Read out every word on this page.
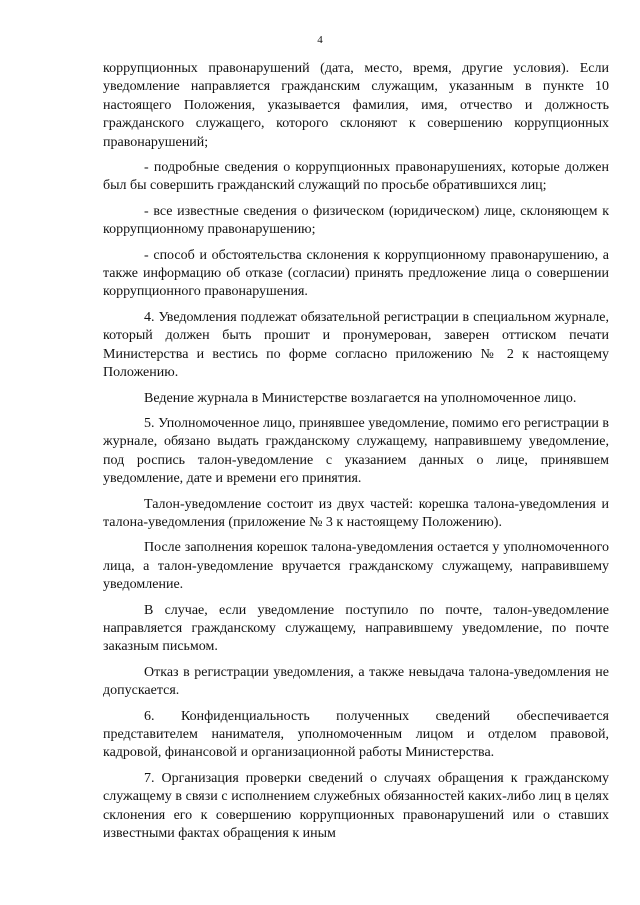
4

коррупционных правонарушений (дата, место, время, другие условия). Если уведомление направляется гражданским служащим, указанным в пункте 10 настоящего Положения, указывается фамилия, имя, отчество и должность гражданского служащего, которого склоняют к совершению коррупционных правонарушений;

- подробные сведения о коррупционных правонарушениях, которые должен был бы совершить гражданский служащий по просьбе обратившихся лиц;

- все известные сведения о физическом (юридическом) лице, склоняющем к коррупционному правонарушению;

- способ и обстоятельства склонения к коррупционному правонарушению, а также информацию об отказе (согласии) принять предложение лица о совершении коррупционного правонарушения.

4. Уведомления подлежат обязательной регистрации в специальном журнале, который должен быть прошит и пронумерован, заверен оттиском печати Министерства и вестись по форме согласно приложению № 2 к настоящему Положению.

Ведение журнала в Министерстве возлагается на уполномоченное лицо.

5. Уполномоченное лицо, принявшее уведомление, помимо его регистрации в журнале, обязано выдать гражданскому служащему, направившему уведомление, под роспись талон-уведомление с указанием данных о лице, принявшем уведомление, дате и времени его принятия.

Талон-уведомление состоит из двух частей: корешка талона-уведомления и талона-уведомления (приложение № 3 к настоящему Положению).

После заполнения корешок талона-уведомления остается у уполномоченного лица, а талон-уведомление вручается гражданскому служащему, направившему уведомление.

В случае, если уведомление поступило по почте, талон-уведомление направляется гражданскому служащему, направившему уведомление, по почте заказным письмом.

Отказ в регистрации уведомления, а также невыдача талона-уведомления не допускается.

6. Конфиденциальность полученных сведений обеспечивается представителем нанимателя, уполномоченным лицом и отделом правовой, кадровой, финансовой и организационной работы Министерства.

7. Организация проверки сведений о случаях обращения к гражданскому служащему в связи с исполнением служебных обязанностей каких-либо лиц в целях склонения его к совершению коррупционных правонарушений или о ставших известными фактах обращения к иным
